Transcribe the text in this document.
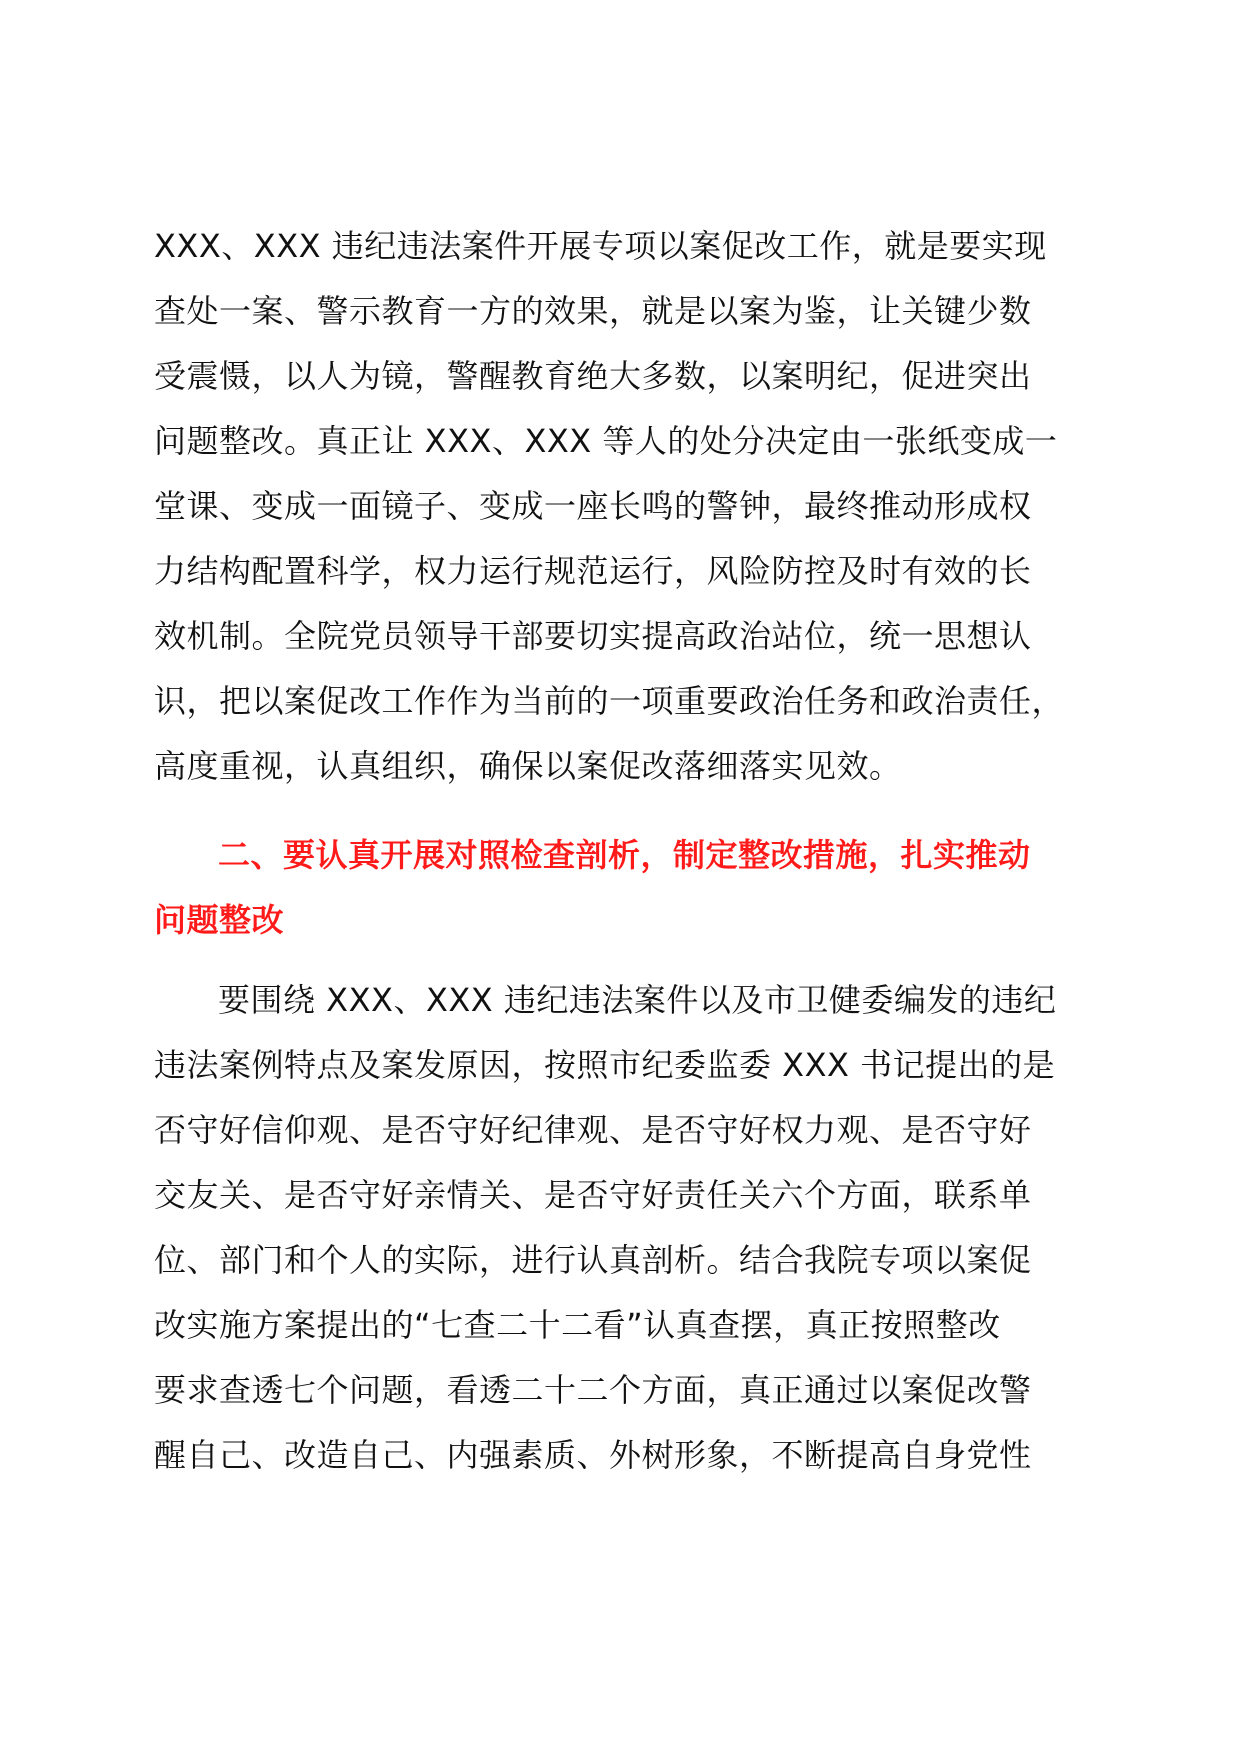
XXX、XXX 违纪违法案件开展专项以案促改工作，就是要实现
查处一案、警示教育一方的效果，就是以案为鉴，让关键少数
受震慑，以人为镜，警醒教育绝大多数，以案明纪，促进突出
问题整改。真正让 XXX、XXX 等人的处分决定由一张纸变成一
堂课、变成一面镜子、变成一座长鸣的警钟，最终推动形成权
力结构配置科学，权力运行规范运行，风险防控及时有效的长
效机制。全院党员领导干部要切实提高政治站位，统一思想认
识，把以案促改工作作为当前的一项重要政治任务和政治责任，
高度重视，认真组织，确保以案促改落细落实见效。
二、要认真开展对照检查剖析，制定整改措施，扎实推动
问题整改
要围绕 XXX、XXX 违纪违法案件以及市卫健委编发的违纪
违法案例特点及案发原因，按照市纪委监委 XXX 书记提出的是
否守好信仰观、是否守好纪律观、是否守好权力观、是否守好
交友关、是否守好亲情关、是否守好责任关六个方面，联系单
位、部门和个人的实际，进行认真剖析。结合我院专项以案促
改实施方案提出的“七查二十二看”认真查摆，真正按照整改
要求查透七个问题，看透二十二个方面，真正通过以案促改警
醒自己、改造自己、内强素质、外树形象，不断提高自身党性
